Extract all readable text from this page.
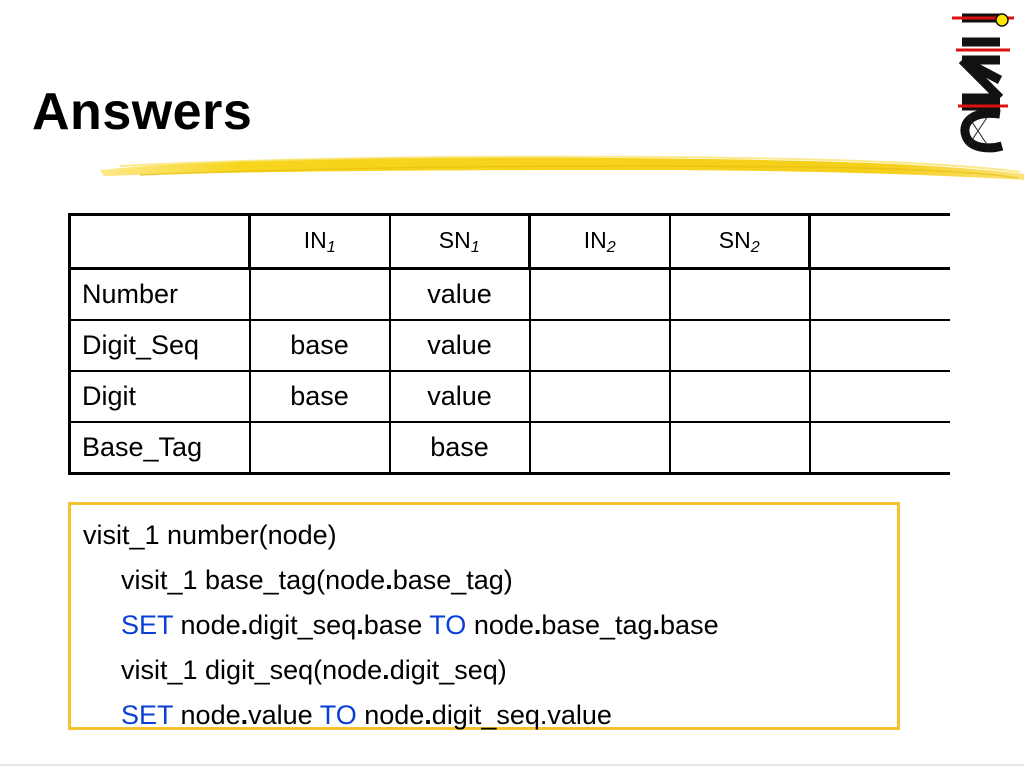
Answers
	$IN_1$	$SN_1$	$IN_2$	$SN_2$	
Number		value			
Digit_Seq	base	value			
Digit	base	value			
Base_Tag		base			
visit_1 number(node)
visit_1 base_tag(node.base_tag)
SET node.digit_seq.base TO node.base_tag.base
visit_1 digit_seq(node.digit_seq)
SET node.value TO node.digit_seq.value
